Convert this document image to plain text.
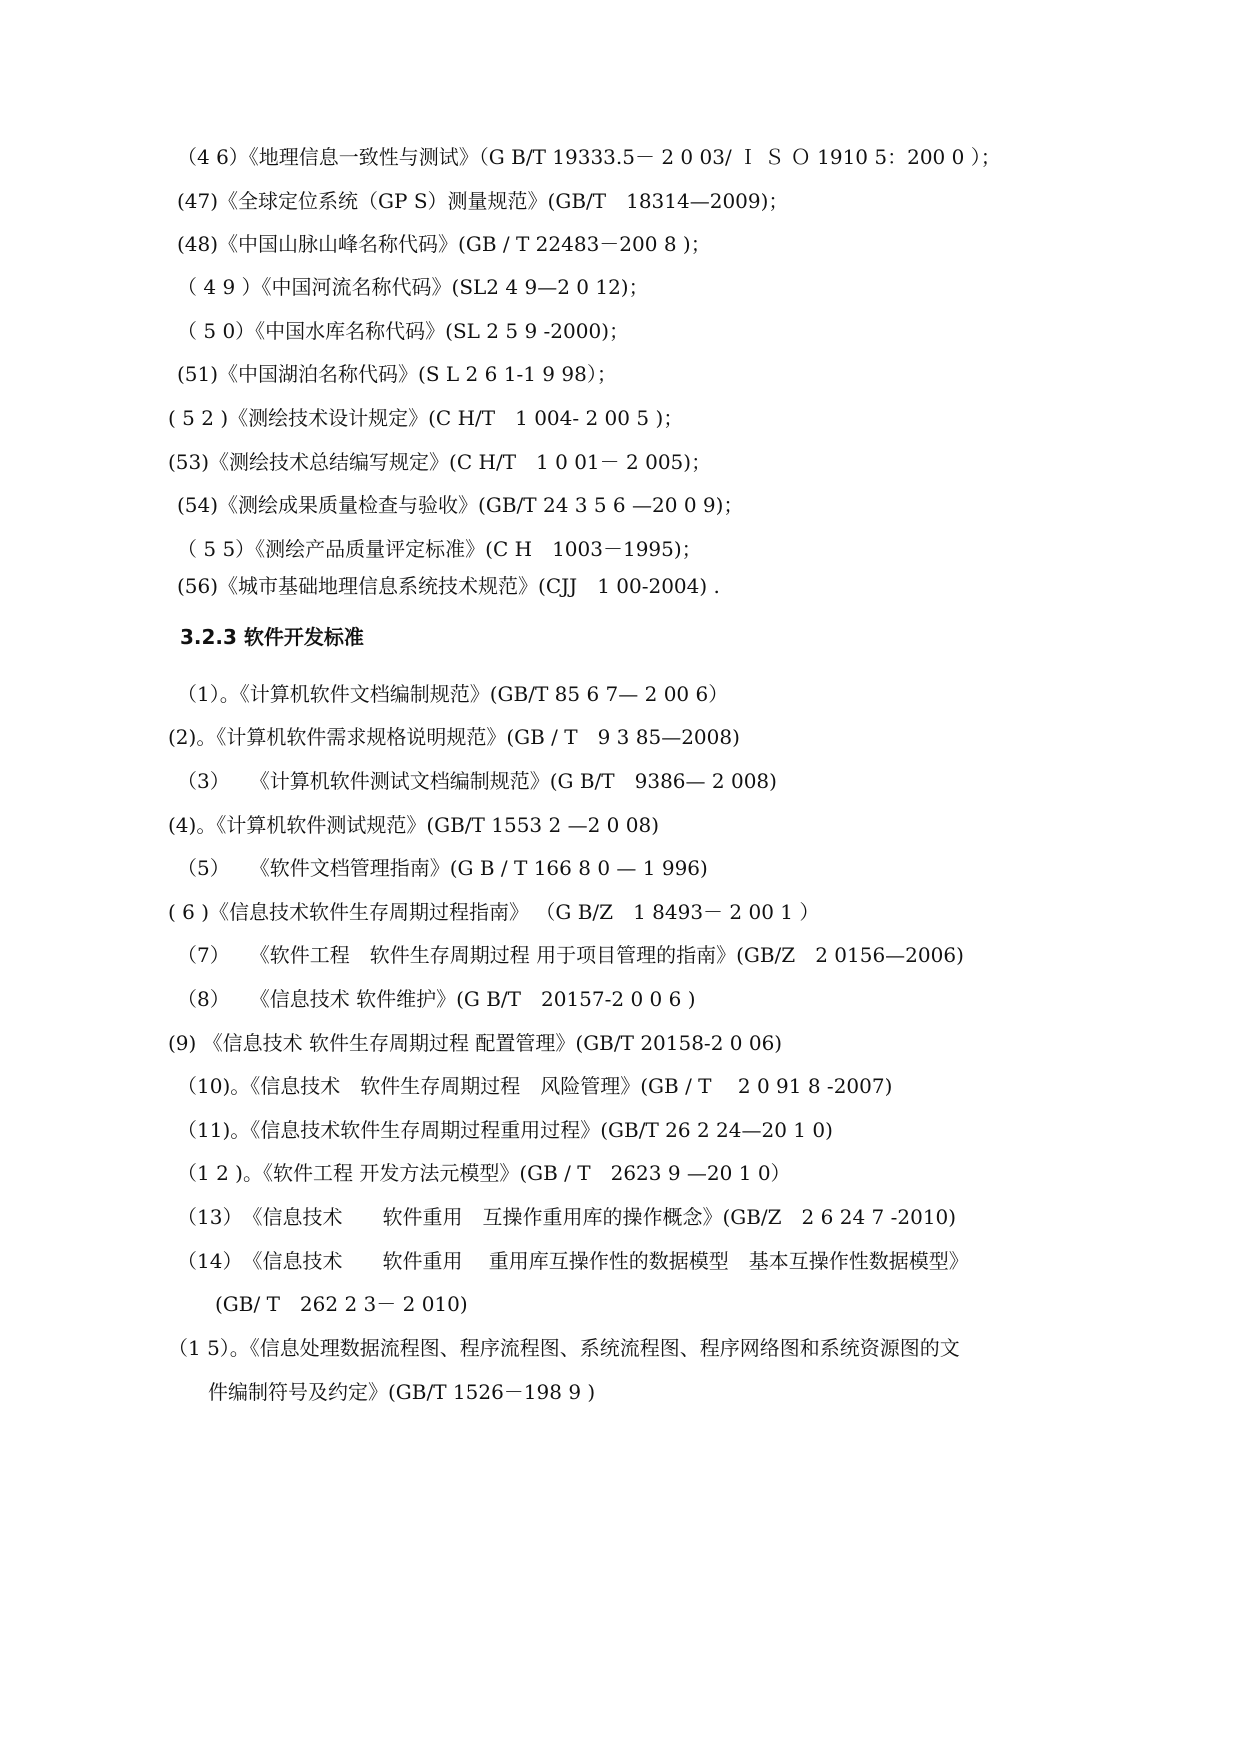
（4 6）《地理信息一致性与测试》（G B/T 19333.5－ 2 0 03/ Ｉ Ｓ Ｏ 1910 5：200 0 ）；
(47)《全球定位系统（GP S）测量规范》(GB/T　18314—2009)；
(48)《中国山脉山峰名称代码》(GB / T 22483－200 8 )；
（ 4 9 ）《中国河流名称代码》(SL2 4 9—2 0 12)；
（ 5 0）《中国水库名称代码》(SL 2 5 9 -2000)；
(51)《中国湖泊名称代码》(S L 2 6 1-1 9 98）；
( 5 2 )《测绘技术设计规定》(C H/T　1 004- 2 00 5 )；
(53)《测绘技术总结编写规定》(C H/T　1 0 01－ 2 005)；
(54)《测绘成果质量检查与验收》(GB/T 24 3 5 6 —20 0 9)；
（ 5 5）《测绘产品质量评定标准》(C H　1003－1995)；
(56)《城市基础地理信息系统技术规范》(CJJ　1 00-2004) .
3.2.3 软件开发标准
（1）。《计算机软件文档编制规范》(GB/T 85 6 7— 2 00 6）
(2)。《计算机软件需求规格说明规范》(GB / T　9 3 85—2008)
（3）　　《计算机软件测试文档编制规范》(G B/T　9386— 2 008)
(4)。《计算机软件测试规范》(GB/T 1553 2 —2 0 08)
（5）　　《软件文档管理指南》(G B / T 166 8 0 — 1 996)
( 6 )《信息技术软件生存周期过程指南》 （G B/Z　1 8493－ 2 00 1 ）
（7）　　《软件工程　软件生存周期过程 用于项目管理的指南》(GB/Z　2 0156—2006)
（8）　　《信息技术 软件维护》(G B/T　20157-2 0 0 6 )
(9) 《信息技术 软件生存周期过程 配置管理》(GB/T 20158-2 0 06)
（10)。《信息技术　软件生存周期过程　风险管理》(GB / T　 2 0 91 8 -2007)
（11)。《信息技术软件生存周期过程重用过程》(GB/T 26 2 24—20 1 0)
（1 2 )。《软件工程 开发方法元模型》(GB / T　2623 9 —20 1 0）
（13）　《信息技术　　软件重用　互操作重用库的操作概念》(GB/Z　2 6 24 7 -2010)
（14）　《信息技术　　软件重用　 重用库互操作性的数据模型　基本互操作性数据模型》
(GB/ T　262 2 3－ 2 010)
（1 5）。《信息处理数据流程图、程序流程图、系统流程图、程序网络图和系统资源图的文
件编制符号及约定》(GB/T 1526－198 9 )
